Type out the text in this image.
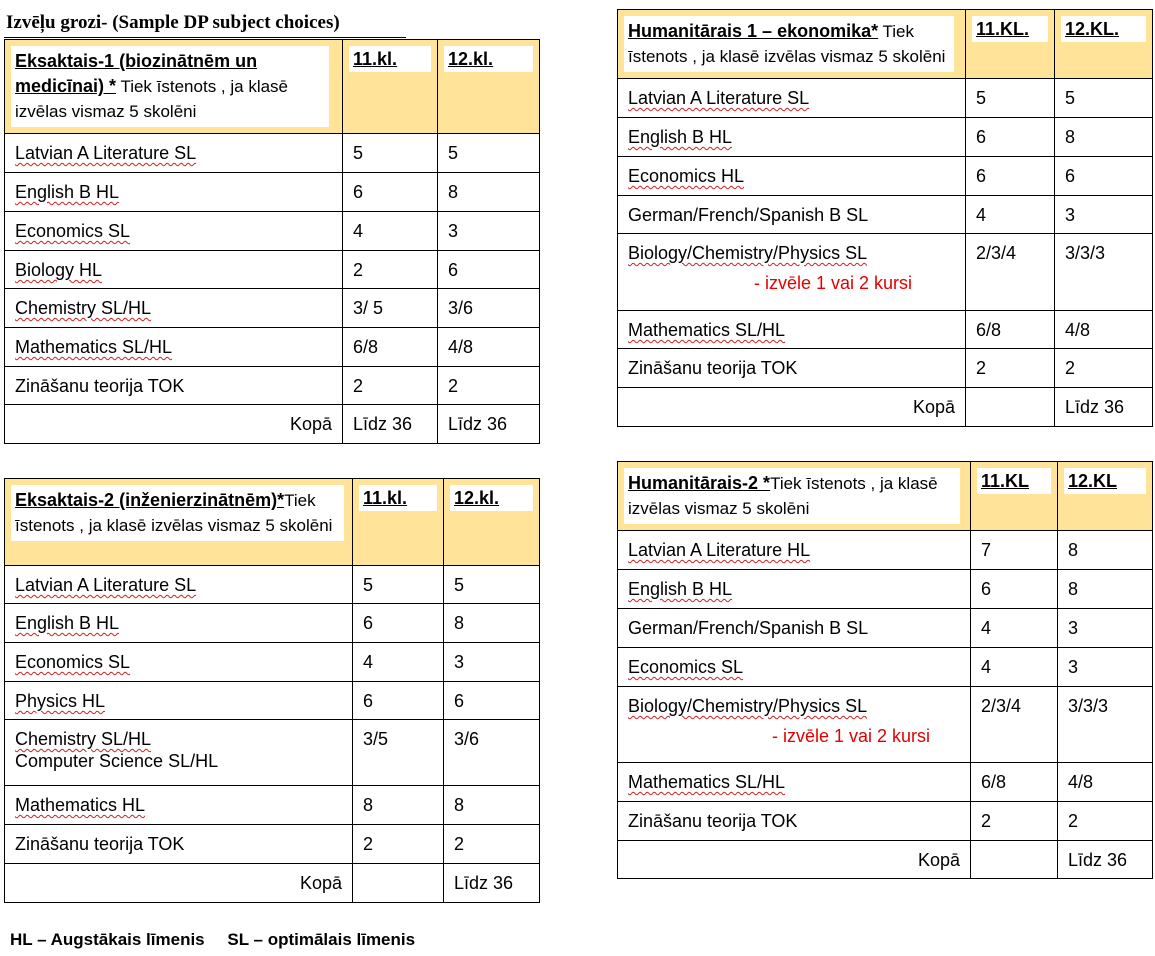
Izvēļu grozi- (Sample DP subject choices)
Eksaktais-1 (biozinātnēm un medicīnai) * Tiek īstenots , ja klasē izvēlas vismaz 5 skolēni	11.kl.	12.kl.

Latvian A Literature SL	5	5
English B HL	6	8
Economics SL	4	3
Biology HL	2	6
Chemistry SL/HL	3/ 5	3/6
Mathematics SL/HL	6/8	4/8
Zināšanu teorija TOK	2	2
Kopā	Līdz 36	Līdz 36
Eksaktais-2 (inženierzinātnēm)*Tiek īstenots , ja klasē izvēlas vismaz 5 skolēni	11.kl.	12.kl.

Latvian A Literature SL	5	5
English B HL	6	8
Economics SL	4	3
Physics HL	6	6
Chemistry SL/HL
Computer Science SL/HL	3/5	3/6
Mathematics HL	8	8
Zināšanu teorija TOK	2	2
Kopā		Līdz 36
Humanitārais 1 – ekonomika* Tiek īstenots , ja klasē izvēlas vismaz 5 skolēni	11.KL.	12.KL.

Latvian A Literature SL	5	5
English B HL	6	8
Economics HL	6	6
German/French/Spanish B SL	4	3
Biology/Chemistry/Physics SL
- izvēle 1 vai 2 kursi	2/3/4	3/3/3
Mathematics SL/HL	6/8	4/8
Zināšanu teorija TOK	2	2
Kopā		Līdz 36
Humanitārais-2 *Tiek īstenots , ja klasē izvēlas vismaz 5 skolēni	11.KL	12.KL

Latvian A Literature HL	7	8
English B HL	6	8
German/French/Spanish B SL	4	3
Economics SL	4	3
Biology/Chemistry/Physics SL
- izvēle 1 vai 2 kursi	2/3/4	3/3/3
Mathematics SL/HL	6/8	4/8
Zināšanu teorija TOK	2	2
Kopā		Līdz 36
HL – Augstākais līmenis SL – optimālais līmenis
